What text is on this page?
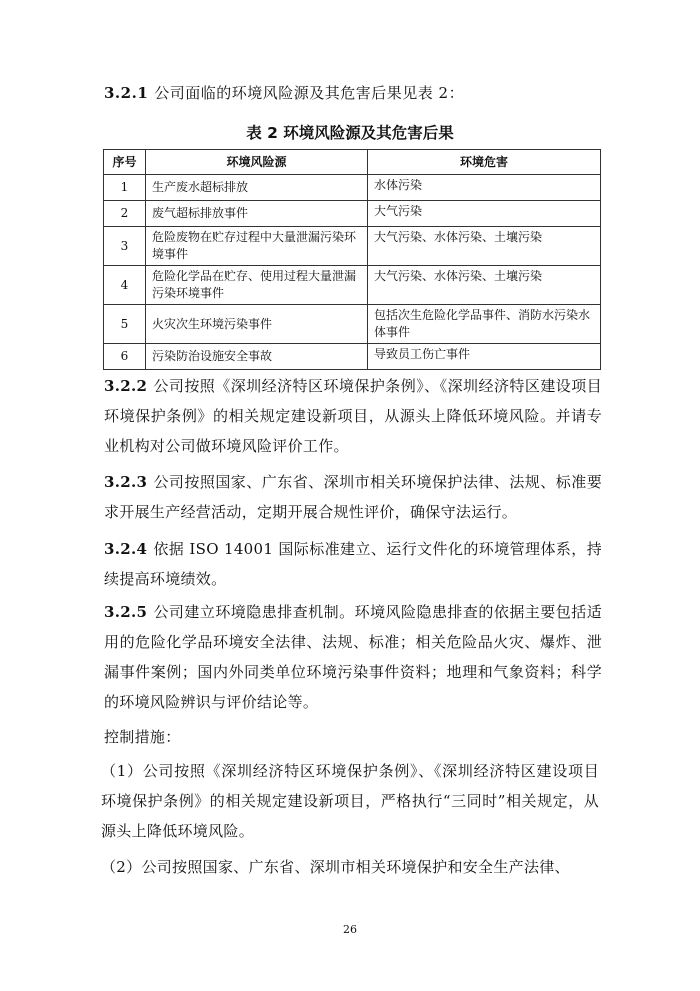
3.2.1 公司面临的环境风险源及其危害后果见表 2：
表 2 环境风险源及其危害后果
序号	环境风险源	环境危害
1	生产废水超标排放	水体污染
2	废气超标排放事件	大气污染
3	危险废物在贮存过程中大量泄漏污染环境事件	大气污染、水体污染、土壤污染
4	危险化学品在贮存、使用过程大量泄漏污染环境事件	大气污染、水体污染、土壤污染
5	火灾次生环境污染事件	包括次生危险化学品事件、消防水污染水体事件
6	污染防治设施安全事故	导致员工伤亡事件
3.2.2 公司按照《深圳经济特区环境保护条例》、《深圳经济特区建设项目环境保护条例》的相关规定建设新项目，从源头上降低环境风险。并请专业机构对公司做环境风险评价工作。
3.2.3 公司按照国家、广东省、深圳市相关环境保护法律、法规、标准要求开展生产经营活动，定期开展合规性评价，确保守法运行。
3.2.4 依据 ISO 14001 国际标准建立、运行文件化的环境管理体系，持续提高环境绩效。
3.2.5 公司建立环境隐患排查机制。环境风险隐患排查的依据主要包括适用的危险化学品环境安全法律、法规、标准；相关危险品火灾、爆炸、泄漏事件案例；国内外同类单位环境污染事件资料；地理和气象资料；科学的环境风险辨识与评价结论等。
控制措施：
（1）公司按照《深圳经济特区环境保护条例》、《深圳经济特区建设项目环境保护条例》的相关规定建设新项目，严格执行“三同时”相关规定，从源头上降低环境风险。
（2）公司按照国家、广东省、深圳市相关环境保护和安全生产法律、
26
